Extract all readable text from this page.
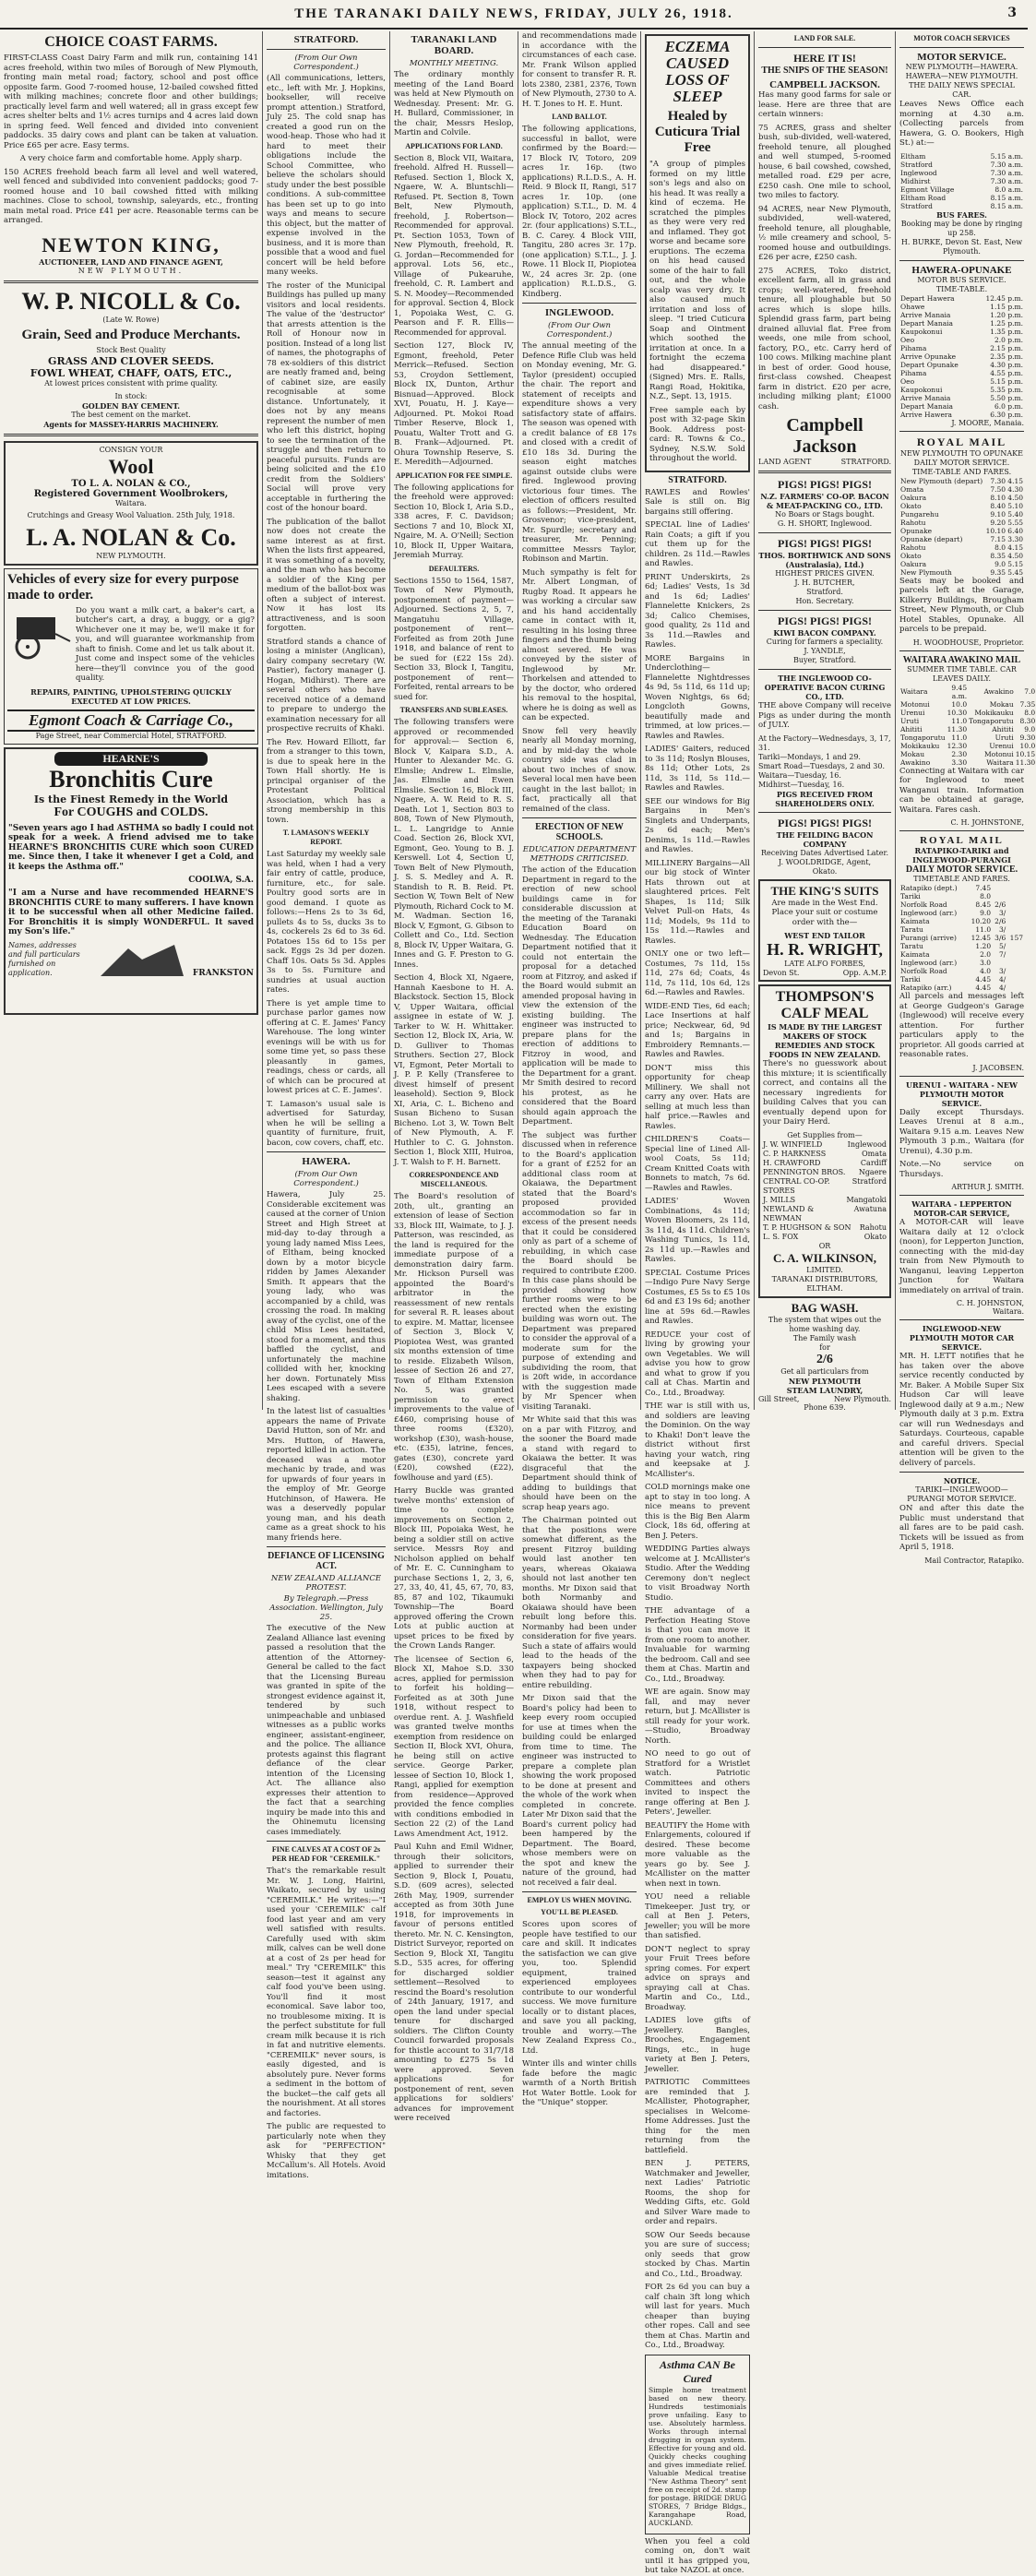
THE TARANAKI DAILY NEWS, FRIDAY, JULY 26, 1918.	3
CHOICE COAST FARMS.

FIRST-CLASS Coast Dairy Farm and milk run, containing 141 acres freehold, within two miles of Borough of New Plymouth, fronting main metal road; factory, school and post office opposite farm. Good 7-roomed house, 12-bailed cowshed fitted with milking machines; concrete floor and other buildings; practically level farm and well watered; all in grass except few acres shelter belts and 1½ acres turnips and 4 acres laid down in spring feed. Well fenced and divided into convenient paddocks. 35 dairy cows and plant can be taken at valuation. Price £65 per acre. Easy terms.

A very choice farm and comfortable home. Apply sharp.

150 ACRES freehold beach farm all level and well watered, well fenced and subdivided into convenient paddocks; good 7-roomed house and 10 bail cowshed fitted with milking machines. Close to school, township, saleyards, etc., fronting main metal road. Price £41 per acre. Reasonable terms can be arranged.

NEWTON KING,
AUCTIONEER, LAND AND FINANCE AGENT,
NEW PLYMOUTH.
W. P. NICOLL & Co.
(Late W. Rowe)
Grain, Seed and Produce Merchants.
Stock Best Quality
GRASS AND CLOVER SEEDS.
FOWL WHEAT, CHAFF, OATS, ETC.,
At lowest prices consistent with prime quality.
In stock:
GOLDEN BAY CEMENT.
The best cement on the market.
Agents for MASSEY-HARRIS MACHINERY.
CONSIGN YOUR
Wool
TO L. A. NOLAN & CO.,
Registered Government Woolbrokers,
Waitara.
Crutchings and Greasy Wool Valuation. 25th July, 1918.
L. A. NOLAN & Co.
NEW PLYMOUTH.
Vehicles of every size for every purpose made to order.

Do you want a milk cart, a baker's cart, a butcher's cart, a dray, a buggy, or a gig? Whichever one it may be, we'll make it for you, and will guarantee workmanship from shaft to finish. Come and let us talk about it. Just come and inspect some of the vehicles here—they'll convince you of the good quality.

REPAIRS, PAINTING, UPHOLSTERING QUICKLY EXECUTED AT LOW PRICES.
Egmont Coach & Carriage Co.,
Page Street, near Commercial Hotel, STRATFORD.
HEARNE'S
Bronchitis Cure
Is the Finest Remedy in the World
For COUGHS and COLDS.

"Seven years ago I had ASTHMA so badly I could not speak for a week. A friend advised me to take HEARNE'S BRONCHITIS CURE which soon CURED me. Since then, I take it whenever I get a Cold, and it keeps the Asthma off."

COOLWA, S.A.

"I am a Nurse and have recommended HEARNE'S BRONCHITIS CURE to many sufferers. I have known it to be successful when all other Medicine failed. For Bronchitis it is simply WONDERFUL. It saved my Son's life."

Names, addresses and full particulars furnished on application.	FRANKSTON
STRATFORD.
(From Our Own Correspondent.)

(All communications, letters, etc., left with Mr. J. Hopkins, bookseller, will receive prompt attention.) Stratford, July 25. The cold snap has created a good run on the wood-heap. Those who had it hard to meet their obligations include the School Committee, who believe the scholars should study under the best possible conditions. A sub-committee has been set up to go into ways and means to secure this object, but the matter of expense involved in the business, and it is more than possible that a wood and fuel concert will be held before many weeks.

The roster of the Municipal Buildings has pulled up many visitors and local residents. The value of the 'destructor' that arrests attention is the Roll of Honour now in position. Instead of a long list of names, the photographs of 78 ex-soldiers of this district are neatly framed and, being of cabinet size, are easily recognisable at some distance. Unfortunately, it does not by any means represent the number of men who left this district, hoping to see the termination of the struggle and then return to peaceful pursuits. Funds are being solicited and the £10 credit from the Soldiers' Social will prove very acceptable in furthering the cost of the honour board.

The publication of the ballot now does not create the same interest as at first. When the lists first appeared, it was something of a novelty, and the man who has become a soldier of the King per medium of the ballot-box was often a subject of interest. Now it has lost its attractiveness, and is soon forgotten.

Stratford stands a chance of losing a minister (Anglican), dairy company secretary (W. Pastier), factory manager (J. Hogan, Midhirst). There are several others who have received notice of a demand to prepare to undergo the examination necessary for all prospective recruits of Khaki.

The Rev. Howard Elliott, far from a stranger to this town, is due to speak here in the Town Hall shortly. He is principal organiser of the Protestant Political Association, which has a strong membership in this town.

T. LAMASON'S WEEKLY REPORT.

Last Saturday my weekly sale was held, when I had a very fair entry of cattle, produce, furniture, etc., for sale. Poultry good sorts are in good demand. I quote as follows:—Hens 2s to 3s 6d, pullets 4s to 5s, ducks 3s to 4s, cockerels 2s 6d to 3s 6d. Potatoes 15s 6d to 15s per sack. Eggs 2s 3d per dozen. Chaff 10s. Oats 5s 3d. Apples 3s to 5s. Furniture and sundries at usual auction rates.

There is yet ample time to purchase parlor games now offering at C. E. James' Fancy Warehouse. The long winter evenings will be with us for some time yet, so pass these pleasantly in games, readings, chess or cards, all of which can be procured at lowest prices at C. E. James'.

T. Lamason's usual sale is advertised for Saturday, when he will be selling a quantity of furniture, fruit, bacon, cow covers, chaff, etc.

HAWERA.
(From Our Own Correspondent.)

Hawera, July 25. Considerable excitement was caused at the corner of Union Street and High Street at mid-day to-day through a young lady named Miss Lees, of Eltham, being knocked down by a motor bicycle ridden by James Alexander Smith. It appears that the young lady, who was accompanied by a child, was crossing the road. In making away of the cyclist, one of the child Miss Lees hesitated, stood for a moment, and thus baffled the cyclist, and unfortunately the machine collided with her, knocking her down. Fortunately Miss Lees escaped with a severe shaking.

In the latest list of casualties appears the name of Private David Hutton, son of Mr. and Mrs. Hutton, of Hawera, reported killed in action. The deceased was a motor mechanic by trade, and was for upwards of four years in the employ of Mr. George Hutchinson, of Hawera. He was a deservedly popular young man, and his death came as a great shock to his many friends here.

DEFIANCE OF LICENSING ACT.
NEW ZEALAND ALLIANCE PROTEST.
By Telegraph.—Press Association. Wellington, July 25.

The executive of the New Zealand Alliance last evening passed a resolution that the attention of the Attorney-General be called to the fact that the Licensing Bureau was granted in spite of the strongest evidence against it, tendered by such unimpeachable and unbiased witnesses as a public works engineer, assistant-engineer, and the police. The alliance protests against this flagrant defiance of the clear intention of the Licensing Act. The alliance also expresses their attention to the fact that a searching inquiry be made into this and the Ohinemutu licensing cases immediately.

FINE CALVES AT A COST OF 2s PER HEAD FOR "CEREMILK."

That's the remarkable result Mr. W. J. Long, Hairini, Waikato, secured by using "CEREMILK." He writes:—"I used your 'CEREMILK' calf food last year and am very well satisfied with results. Carefully used with skim milk, calves can be well done at a cost of 2s per head for meal." Try "CEREMILK" this season—test it against any calf food you've been using. You'll find it most economical. Save labor too, no troublesome mixing. It is the perfect substitute for full cream milk because it is rich in fat and nutritive elements. "CEREMILK" never sours, is easily digested, and is absolutely pure. Never forms a sediment in the bottom of the bucket—the calf gets all the nourishment. At all stores and factories.

The public are requested to particularly note when they ask for "PERFECTION" Whisky that they get McCallum's. All Hotels. Avoid imitations.

TARANAKI LAND BOARD.
MONTHLY MEETING.

The ordinary monthly meeting of the Land Board was held at New Plymouth on Wednesday. Present: Mr. G. H. Bullard, Commissioner, in the chair, Messrs Heslop, Martin and Colvile.

APPLICATIONS FOR LAND.

Section 8, Block VII, Waitara, freehold. Alfred H. Russell—Refused. Section 1, Block X, Ngaere, W. A. Bluntschli—Refused. Pt. Section 8, Town Belt, New Plymouth, freehold, J. Robertson—Recommended for approval. Pt. Section 1053, Town of New Plymouth, freehold, R. G. Jordan—Recommended for approval. Lots 56, etc., Village of Pukearuhe, freehold, C. R. Lambert and S. N. Moodey—Recommended for approval. Section 4, Block 1, Popoiaka West, C. G. Pearson and F. R. Ellis—Recommended for approval.

Section 127, Block IV, Egmont, freehold, Peter Merrick—Refused. Section 53, Croydon Settlement, Block IX, Dunton, Arthur Bisnuad—Approved. Block XVI, Pouatu, H. J. Kaye—Adjourned. Pt. Mokoi Road Timber Reserve, Block 1, Pouatu, Walter Trott and G. B. Frank—Adjourned. Pt. Ohura Township Reserve, S. E. Meredith—Adjourned.

APPLICATION FOR FEE SIMPLE.

The following applications for the freehold were approved: Section 10, Block I, Aria S.D., 338 acres, F. C. Davidson; Sections 7 and 10, Block XI, Ngaire, M. A. O'Neill; Section 10, Block II, Upper Waitara, Jeremiah Murray.

DEFAULTERS.

Sections 1550 to 1564, 1587, Town of New Plymouth, postponement of payment—Adjourned. Sections 2, 5, 7, Mangatuhu Village, postponement of rent—Forfeited as from 20th June 1918, and balance of rent to be sued for (£22 15s 2d). Section 33, Block I, Tangitu, postponement of rent—Forfeited, rental arrears to be sued for.

TRANSFERS AND SUBLEASES.

The following transfers were approved or recommended for approval:— Section 6, Block V, Kaipara S.D., A. Hunter to Alexander Mc. G. Elmslie; Andrew L. Elmslie, Jas. Elmslie and Ewen Elmslie. Section 16, Block III, Ngaere, A. W. Reid to R. S. Death. Lot 1, Section 803 to 808, Town of New Plymouth, L. L. Langridge to Annie Coad. Section 26, Block XVI, Egmont, Geo. Young to B. J. Kerswell. Lot 4, Section U, Town Belt of New Plymouth, J. S. S. Medley and A. R. Standish to R. B. Reid. Pt. Section W, Town Belt of New Plymouth, Richard Cock to M. M. Wadman. Section 16, Block V, Egmont, G. Gibson to Collett and Co., Ltd. Section 8, Block IV, Upper Waitara, G. Innes and G. F. Preston to G. Innes.

Section 4, Block XI, Ngaere, Hannah Kaesbone to H. A. Blackstock. Section 15, Block V, Upper Waitara, official assignee in estate of W. J. Tarker to W. H. Whittaker. Section 12, Block IX, Aria, W. D. Gulliver to Thomas Struthers. Section 27, Block VI, Egmont, Peter Mortali to J. P. P. Kelly (Transferee to divest himself of present leasehold). Section 9, Block XI, Aria, C. L. Bicheno and Susan Bicheno to Susan Bicheno. Lot 3, W. Town Belt of New Plymouth, A. F. Huthler to C. G. Johnston. Section 1, Block XIII, Huiroa, J. T. Walsh to F. H. Barnett.

CORRESPONDENCE AND MISCELLANEOUS.

The Board's resolution of 20th, ult., granting an extension of lease of Section 33, Block III, Waimate, to J. J. Patterson, was rescinded, as the land is required for the immediate purpose of a demonstration dairy farm. Mr. Hickson Pursell was appointed the Board's arbitrator in the reassessment of new rentals for several R. R. leases about to expire. M. Mattar, licensee of Section 3, Block V, Piopiotea West, was granted six months extension of time to reside. Elizabeth Wilson, lessee of Section 26 and 27, Town of Eltham Extension No. 5, was granted permission to erect improvements to the value of £460, comprising house of three rooms (£320), workshop (£30), wash-house, etc. (£35), latrine, fences, gates (£30), concrete yard (£20), cowshed (£22), fowlhouse and yard (£5).

Harry Buckle was granted twelve months' extension of time to complete improvements on Section 2, Block III, Popoiaka West, he being a soldier still on active service. Messrs Roy and Nicholson applied on behalf of Mr. E. C. Cunningham to purchase Sections 1, 2, 3, 6, 27, 33, 40, 41, 45, 67, 70, 83, 85, 87 and 102, Tikaumuki Township—The Board approved offering the Crown Lots at public auction at upset prices to be fixed by the Crown Lands Ranger.

The licensee of Section 6, Block XI, Mahoe S.D. 330 acres, applied for permission to forfeit his holding—Forfeited as at 30th June 1918, without respect to overdue rent. A. J. Washfield was granted twelve months exemption from residence on Section II, Block XVI, Ohura, he being still on active service. George Parker, lessee of Section 10, Block 1, Rangi, applied for exemption from residence—Approved provided the fence complies with conditions embodied in Section 22 (2) of the Land Laws Amendment Act, 1912.

Paul Kuhn and Emil Widner, through their solicitors, applied to surrender their Section 9, Block I, Pouatu, S.D. (609 acres), selected 26th May, 1909, surrender accepted as from 30th June 1918, for improvements in favour of persons entitled thereto. Mr. N. C. Kensington, District Surveyor, reported on Section 9, Block XI, Tangitu S.D., 535 acres, for offering for discharged soldier settlement—Resolved to rescind the Board's resolution of 24th January, 1917, and open the land under special tenure for discharged soldiers. The Clifton County Council forwarded proposals for thistle account to 31/7/18 amounting to £275 5s 1d were approved. Seven applications for postponement of rent, seven applications for soldiers' advances for improvement were received

and recommendations made in accordance with the circumstances of each case. Mr. Frank Wilson applied for consent to transfer R. R. lots 2380, 2381, 2376, Town of New Plymouth, 2730 to A. H. T. Jones to H. E. Hunt.

LAND BALLOT.

The following applications, successful in ballot, were confirmed by the Board:— 17 Block IV, Totoro, 209 acres 1r. 16p. (two applications) R.L.D.S., A. H. Reid. 9 Block II, Rangi, 517 acres 1r. 10p. (one application) S.T.L., D. M. 4 Block IV, Totoro, 202 acres 2r. (four applications) S.T.L., B. C. Carey. 4 Block VIII, Tangitu, 280 acres 3r. 17p. (one application) S.T.L., J. J. Rowe. 11 Block II, Piopiotea W., 24 acres 3r. 2p. (one application) R.L.D.S., G. Kindberg.

INGLEWOOD.
(From Our Own Correspondent.)

The annual meeting of the Defence Rifle Club was held on Monday evening, Mr. G. Taylor (president) occupied the chair. The report and statement of receipts and expenditure shows a very satisfactory state of affairs. The season was opened with a credit balance of £8 17s and closed with a credit of £10 18s 3d. During the season eight matches against outside clubs were fired. Inglewood proving victorious four times. The election of officers resulted as follows:—President, Mr. Grosvenor; vice-president, Mr. Spurdle; secretary and treasurer, Mr. Penning; committee Messrs Taylor, Robinson and Martin.

Much sympathy is felt for Mr. Albert Longman, of Rugby Road. It appears he was working a circular saw and his hand accidentally came in contact with it, resulting in his losing three fingers and the thumb being almost severed. He was conveyed by the sister of Inglewood by Mr. Thorkelsen and attended to by the doctor, who ordered his removal to the hospital, where he is doing as well as can be expected.

Snow fell very heavily nearly all Monday morning, and by mid-day the whole country side was clad in about two inches of snow. Several local men have been caught in the last ballot; in fact, practically all that remained of the class.

ERECTION OF NEW SCHOOLS.
EDUCATION DEPARTMENT METHODS CRITICISED.

The action of the Education Department in regard to the erection of new school buildings came in for considerable discussion at the meeting of the Taranaki Education Board on Wednesday. The Education Department notified that it could not entertain the proposal for a detached room at Fitzroy, and asked if the Board would submit an amended proposal having in view the extension of the existing building. The engineer was instructed to prepare plans for the erection of additions to Fitzroy in wood, and application will be made to the Department for a grant. Mr Smith desired to record his protest, as he considered that the Board should again approach the Department.

The subject was further discussed when in reference to the Board's application for a grant of £252 for an additional class room at Okaiawa, the Department stated that the Board's proposed provided accommodation so far in excess of the present needs that it could be considered only as part of a scheme of rebuilding, in which case the Board should be required to contribute £200. In this case plans should be provided showing how further rooms were to be erected when the existing building was worn out. The Department was prepared to consider the approval of a moderate sum for the purpose of extending and subdividing the room, that is 20ft wide, in accordance with the suggestion made by Mr Spencer when visiting Taranaki.

Mr White said that this was on a par with Fitzroy, and the sooner the Board made a stand with regard to Okaiawa the better. It was disgraceful that the Department should think of adding to buildings that should have been on the scrap heap years ago.

The Chairman pointed out that the positions were somewhat different, as the present Fitzroy building would last another ten years, whereas Okaiawa should not last another ten months. Mr Dixon said that both Normanby and Okaiawa should have been rebuilt long before this. Normanby had been under consideration for five years. Such a state of affairs would lead to the heads of the taxpayers being shocked when they had to pay for entire rebuilding.

Mr Dixon said that the Board's policy had been to keep every room occupied for use at times when the building could be enlarged from time to time. The engineer was instructed to prepare a complete plan showing the work proposed to be done at present and the whole of the work when completed in concrete. Later Mr Dixon said that the Board's current policy had been hampered by the Department. The Board, whose members were on the spot and knew the nature of the ground, had not received a fair deal.

EMPLOY US WHEN MOVING.
YOU'LL BE PLEASED.

Scores upon scores of people have testified to our care and skill. It indicates the satisfaction we can give you, too. Splendid equipment, trained experienced employees contribute to our wonderful success. We move furniture locally or to distant places, and save you all packing, trouble and worry.—The New Zealand Express Co., Ltd.

Winter ills and winter chills fade before the magic warmth of a North British Hot Water Bottle. Look for the "Unique" stopper.

ECZEMA CAUSED
LOSS OF SLEEP
Healed by Cuticura Trial Free

"A group of pimples formed on my little son's legs and also on his head. It was really a kind of eczema. He scratched the pimples as they were very red and inflamed. They got worse and became sore eruptions. The eczema on his head caused some of the hair to fall out, and the whole scalp was very dry. It also caused much irritation and loss of sleep. "I tried Cuticura Soap and Ointment which soothed the irritation at once. In a fortnight the eczema had disappeared." (Signed) Mrs. E. Ralls, Rangi Road, Hokitika, N.Z., Sept. 13, 1915.

Free sample each by post with 32-page Skin Book. Address post-card: R. Towns & Co., Sydney, N.S.W. Sold throughout the world.

STRATFORD.

RAWLES and Rowles' Sale is still on. Big bargains still offering.

SPECIAL line of Ladies' Rain Coats; a gift if you cut them up for the children. 2s 11d.—Rawles and Rawles.

PRINT Underskirts, 2s 6d; Ladies' Vests, 1s 3d and 1s 6d; Ladies' Flannelette Knickers, 2s 3d; Calico Chemises, good quality, 2s 11d and 3s 11d.—Rawles and Rawles.

MORE Bargains in Underclothing—Flannelette Nightdresses 4s 9d, 5s 11d, 6s 11d up; Woven Nightgs, 6s 6d; Longcloth Gowns, beautifully made and trimmed, at low prices.—Rawles and Rawles.

LADIES' Gaiters, reduced to 3s 11d; Roslyn Blouses, 8s 11d; Other Lots, 2s 11d, 3s 11d, 5s 11d.—Rawles and Rawles.

SEE our windows for Big Bargains in Men's Singlets and Underpants, 2s 6d each; Men's Denims, 1s 11d.—Rawles and Rawles.

MILLINERY Bargains—All our big stock of Winter Hats thrown out at slaughtered prices. Felt Shapes, 1s 11d; Silk Velvet Pull-on Hats, 4s 11d; Models, 9s 11d to 15s 11d.—Rawles and Rawles.

ONLY one or two left—Costumes, 7s 11d, 15s 11d, 27s 6d; Coats, 4s 11d, 7s 11d, 10s 6d, 12s 6d.—Rawles and Rawles.

WIDE-END Ties, 6d each; Lace Insertions at half price; Neckwear, 6d, 9d and 1s; Bargains in Embroidery Remnants.—Rawles and Rawles.

DON'T miss this opportunity for cheap Millinery. We shall not carry any over. Hats are selling at much less than half price.—Rawles and Rawles.

CHILDREN'S Coats—Special line of Lined All-wool Coats, 5s 11d; Cream Knitted Coats with Bonnets to match, 7s 6d.—Rawles and Rawles.

LADIES' Woven Combinations, 4s 11d; Woven Bloomers, 2s 11d, 3s 11d, 4s 11d. Children's Washing Tunics, 1s 11d, 2s 11d up.—Rawles and Rawles.

SPECIAL Costume Prices—Indigo Pure Navy Serge Costumes, £5 5s to £5 10s 6d and £3 19s 6d; another line at 59s 6d.—Rawles and Rawles.

REDUCE your cost of living by growing your own Vegetables. We will advise you how to grow and what to grow if you call at Chas. Martin and Co., Ltd., Broadway.

THE war is still with us, and soldiers are leaving the Dominion. On the way to Khaki! Don't leave the district without first having your watch, ring and keepsake at J. McAllister's.

COLD mornings make one apt to stay in too long. A nice means to prevent this is the Big Ben Alarm Clock, 18s 6d, offering at Ben J. Peters.

WEDDING Parties always welcome at J. McAllister's Studio. After the Wedding Ceremony don't neglect to visit Broadway North Studio.

THE advantage of a Perfection Heating Stove is that you can move it from one room to another. Invaluable for warming the bedroom. Call and see them at Chas. Martin and Co., Ltd., Broadway.

WE are again. Snow may fall, and may never return, but J. McAllister is still ready for your work.—Studio, Broadway North.

NO need to go out of Stratford for a Wristlet watch. Patriotic Committees and others invited to inspect the range offering at Ben J. Peters', Jeweller.

BEAUTIFY the Home with Enlargements, coloured if desired. These become more valuable as the years go by. See J. McAllister on the matter when next in town.

YOU need a reliable Timekeeper. Just try, or call at Ben J. Peters, Jeweller; you will be more than satisfied.

DON'T neglect to spray your Fruit Trees before spring comes. For expert advice on sprays and spraying call at Chas. Martin and Co., Ltd., Broadway.

LADIES love gifts of Jewellery. Bangles, Brooches, Engagement Rings, etc., in huge variety at Ben J. Peters, Jeweller.

PATRIOTIC Committees are reminded that J. McAllister, Photographer, specialises in Welcome-Home Addresses. Just the thing for the men returning from the battlefield.

BEN J. PETERS, Watchmaker and Jeweller, next Ladies' Patriotic Rooms, the shop for Wedding Gifts, etc. Gold and Silver Ware made to order and repairs.

SOW Our Seeds because you are sure of success; only seeds that grow stocked by Chas. Martin and Co., Ltd., Broadway.

FOR 2s 6d you can buy a calf chain 3ft long which will last for years. Much cheaper than buying other ropes. Call and see them at Chas. Martin and Co., Ltd., Broadway.

Asthma CAN Be Cured

Simple home treatment based on new theory. Hundreds testimonials prove unfailing. Easy to use. Absolutely harmless. Works through internal drugging in organ system. Effective for young and old. Quickly checks coughing and gives immediate relief. Valuable Medical treatise "New Asthma Theory" sent free on receipt of 2d. stamp for postage. BRIDGE DRUG STORES, 7 Bridge Bldgs., Karangahape Road, AUCKLAND.

When you feel a cold coming on, don't wait until it has gripped you, but take NAZOL at once.

LAND FOR SALE.
HERE IT IS!
THE SNIPS OF THE SEASON!
CAMPBELL JACKSON.

Has many good farms for sale or lease. Here are three that are certain winners:

75 ACRES, grass and shelter bush, sub-divided, well-watered, freehold tenure, all ploughed and well stumped, 5-roomed house, 6 bail cowshed, cowshed, metalled road. £29 per acre, £250 cash. One mile to school, two miles to factory.

94 ACRES, near New Plymouth, subdivided, well-watered, freehold tenure, all ploughable, ½ mile creamery and school, 5-roomed house and outbuildings. £26 per acre, £250 cash.

275 ACRES, Toko district, excellent farm, all in grass and crops; well-watered, freehold tenure, all ploughable but 50 acres which is slope hills. Splendid grass farm, part being drained alluvial flat. Free from weeds, one mile from school, factory, P.O., etc. Carry herd of 100 cows. Milking machine plant in best of order. Good house, first-class cowshed. Cheapest farm in district. £20 per acre, including milking plant; £1000 cash.

Campbell Jackson
LAND AGENT	STRATFORD.
PIGS! PIGS! PIGS!
N.Z. FARMERS' CO-OP. BACON & MEAT-PACKING CO., LTD.
No Boars or Stags bought.
G. H. SHORT, Inglewood.
PIGS! PIGS! PIGS!
THOS. BORTHWICK AND SONS (Australasia), Ltd.)
HIGHEST PRICES GIVEN.
J. H. BUTCHER,
Stratford.
Hon. Secretary.
PIGS! PIGS! PIGS!
KIWI BACON COMPANY.
Curing for farmers a speciality.
J. YANDLE,
Buyer, Stratford.
THE INGLEWOOD CO-OPERATIVE BACON CURING CO., LTD.

THE above Company will receive Pigs as under during the month of JULY.

At the Factory—Wednesdays, 3, 17, 31.
Tariki—Mondays, 1 and 29.
Smart Road—Tuesdays, 2 and 30.
Waitara—Tuesday, 16.
Midhirst—Tuesday, 16.
PIGS RECEIVED FROM SHAREHOLDERS ONLY.
PIGS! PIGS! PIGS!
THE FEILDING BACON COMPANY
Receiving Dates Advertised Later.
J. WOOLDRIDGE, Agent,
Okato.
THE KING'S SUITS

Are made in the West End. Place your suit or costume order with the—

WEST END TAILOR
H. R. WRIGHT,
LATE ALFO FORBES,
Devon St.	Opp. A.M.P.
THOMPSON'S
CALF MEAL
IS MADE BY THE LARGEST MAKERS OF STOCK REMEDIES AND STOCK FOODS IN NEW ZEALAND.

There's no guesswork about this mixture; it is scientifically correct, and contains all the necessary ingredients for building Calves that you can eventually depend upon for your Dairy Herd.

Get Supplies from—
J. W. WINFIELD	Inglewood
C. P. HARKNESS	Omata
H. CRAWFORD	Cardiff
PENNINGTON BROS. Ngaere
CENTRAL CO-OP. STORES
Stratford
J. MILLS	Mangatoki
NEWLAND & NEWMAN
Awatuna
T. P. HUGHSON & SON Rahotu
L. S. FOX	Okato
OR
C. A. WILKINSON,
LIMITED.
TARANAKI DISTRIBUTORS,
ELTHAM.
BAG WASH.
The system that wipes out the home washing day.
The Family wash
for
2/6
Get all particulars from
NEW PLYMOUTH
STEAM LAUNDRY,
Gill Street,	New Plymouth.
Phone 639.
MOTOR COACH SERVICES
MOTOR SERVICE.
NEW PLYMOUTH—HAWERA. HAWERA—NEW PLYMOUTH.
THE DAILY NEWS SPECIAL CAR.

Leaves News Office each morning at 4.30 a.m. (Collecting parcels from Hawera, G. O. Bookers, High St.) at:—

Eltham	5.15 a.m.
Stratford	7.30 a.m.
Inglewood	7.30 a.m.
Midhirst	7.30 a.m.
Egmont Village	8.0 a.m.
Eltham Road	8.15 a.m.
Stratford	8.15 a.m.
BUS FARES.
Booking may be done by ringing up 258.
H. BURKE, Devon St. East, New Plymouth.
HAWERA-OPUNAKE
MOTOR BUS SERVICE.
TIME-TABLE.
Depart Hawera	12.45 p.m.
Ohawe	1.15 p.m.
Arrive Manaia	1.20 p.m.
Depart Manaia	1.25 p.m.
Kaupokonui	1.35 p.m.
Oeo	2.0 p.m.
Pihama	2.15 p.m.
Arrive Opunake	2.35 p.m.
Depart Opunake	4.30 p.m.
Pihama	4.55 p.m.
Oeo	5.15 p.m.
Kaupokonui	5.35 p.m.
Arrive Manaia	5.50 p.m.
Depart Manaia	6.0 p.m.
Arrive Hawera	6.30 p.m.
J. MOORE, Manaia.
ROYAL MAIL
NEW PLYMOUTH TO OPUNAKE DAILY MOTOR SERVICE.
TIME-TABLE AND FARES.
New Plymouth (depart)	7.30	4.15
Omata	7.50	4.30
Oakura	8.10	4.50
Okato	8.40	5.10
Pungarehu	9.10	5.40
Rahotu	9.20	5.55
Opunake	10.10	6.40
Opunake (depart)	7.15	3.30
Rahotu	8.0	4.15
Okato	8.35	4.50
Oakura	9.0	5.15
New Plymouth	9.35	5.45

Seats may be booked and parcels left at the Garage, Kilkerry Buildings, Brougham Street, New Plymouth, or Club Hotel Stables, Opunake. All parcels to be prepaid.

H. WOODHOUSE, Proprietor.
WAITARA AWAKINO MAIL
SUMMER TIME TABLE. CAR LEAVES DAILY.
Waitara	9.45 a.m.	Awakino	7.0
Motonui	10.0	Mokau	7.35
Urenui	10.30	Mokikauku	8.0
Uruti	11.0	Tongaporutu	8.30
Ahititi	11.30	Ahititi	9.0
Tongaporutu	11.0	Uruti	9.30
Mokikauku	12.30	Urenui	10.0
Mokau	2.30	Motonui	10.15
Awakino	3.30	Waitara	11.30

Connecting at Waitara with car for Inglewood to meet Wanganui train. Information can be obtained at garage, Waitara. Fares cash.

C. H. JOHNSTONE,
ROYAL MAIL
RATAPIKO-TARIKI and INGLEWOOD-PURANGI
DAILY MOTOR SERVICE.
TIMETABLE AND FARES.
Ratapiko (dept.)	7.45		
Tariki	8.0		
Norfolk Road	8.45	2/6	
Inglewood (arr.)	9.0	3/	
Kaimata	10.20	2/6	
Taratu	11.0	3/	
Purangi (arrive)	12.45	3/6	157
Taratu	1.20	5/	
Kaimata	2.0	7/	
Inglewood (arr.)	3.0		
Norfolk Road	4.0	3/	
Tariki	4.45	4/	
Ratapiko (arr.)	4.45	4/	

All parcels and messages left at George Gudgeon's Garage (Inglewood) will receive every attention. For further particulars apply to the proprietor. All goods carried at reasonable rates.

J. JACOBSEN.
URENUI - WAITARA - NEW PLYMOUTH MOTOR SERVICE.

Daily except Thursdays. Leaves Urenui at 8 a.m., Waitara 9.15 a.m. Leaves New Plymouth 3 p.m., Waitara (for Urenui), 4.30 p.m.

Note.—No service on Thursdays.

ARTHUR J. SMITH.
WAITARA - LEPPERTON MOTOR-CAR SERVICE,

A MOTOR-CAR will leave Waitara daily at 12 o'clock (noon), for Lepperton Junction, connecting with the mid-day train from New Plymouth to Wanganui, leaving Lepperton Junction for Waitara immediately on arrival of train.

C. H. JOHNSTON,
Waitara.
INGLEWOOD-NEW PLYMOUTH MOTOR CAR SERVICE.

MR. H. LETT notifies that he has taken over the above service recently conducted by Mr. Baker. A Mobile Super Six Hudson Car will leave Inglewood daily at 9 a.m.; New Plymouth daily at 3 p.m. Extra car will run Wednesdays and Saturdays. Courteous, capable and careful drivers. Special attention will be given to the delivery of parcels.

NOTICE.
TARIKI—INGLEWOOD—PURANGI MOTOR SERVICE.

ON and after this date the Public must understand that all fares are to be paid cash. Tickets will be issued as from April 5, 1918.

Mail Contractor, Ratapiko.
